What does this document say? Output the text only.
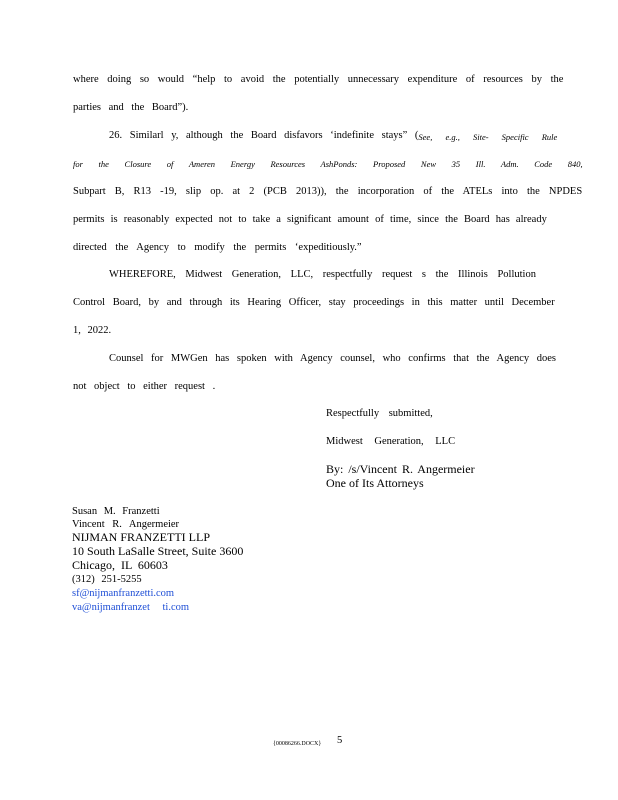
where doing so would “help to avoid the potentially unnecessary expenditure of resources by the
parties and the Board”).
26. Similarl y, although the Board disfavors ‘indefinite stays” ( See, e.g., Site- Specific Rule
for the Closure of Ameren Energy Resources AshPonds: Proposed New 35 Ill. Adm. Code 840,
Subpart B, R13 -19, slip op. at 2 (PCB 2013)), the incorporation of the ATELs into the NPDES
permits is reasonably expected not to take a significant amount of time, since the Board has already
directed the Agency to modify the permits ‘expeditiously.”
WHEREFORE, Midwest Generation, LLC, respectfully request s the Illinois Pollution
Control Board, by and through its Hearing Officer, stay proceedings in this matter until December
1, 2022.
Counsel for MWGen has spoken with Agency counsel, who confirms that the Agency does
not object to either request .
Respectfully submitted,
Midwest Generation, LLC
By: /s/Vincent R. Angermeier
One of Its Attorneys
Susan M. Franzetti
Vincent R. Angermeier
NIJMAN FRANZETTI LLP
10 South LaSalle Street, Suite 3600
Chicago, IL 60603
(312) 251-5255
sf@nijmanfranzetti.com
va@nijmanfranzet ti.com
{00086266.DOCX} 5
